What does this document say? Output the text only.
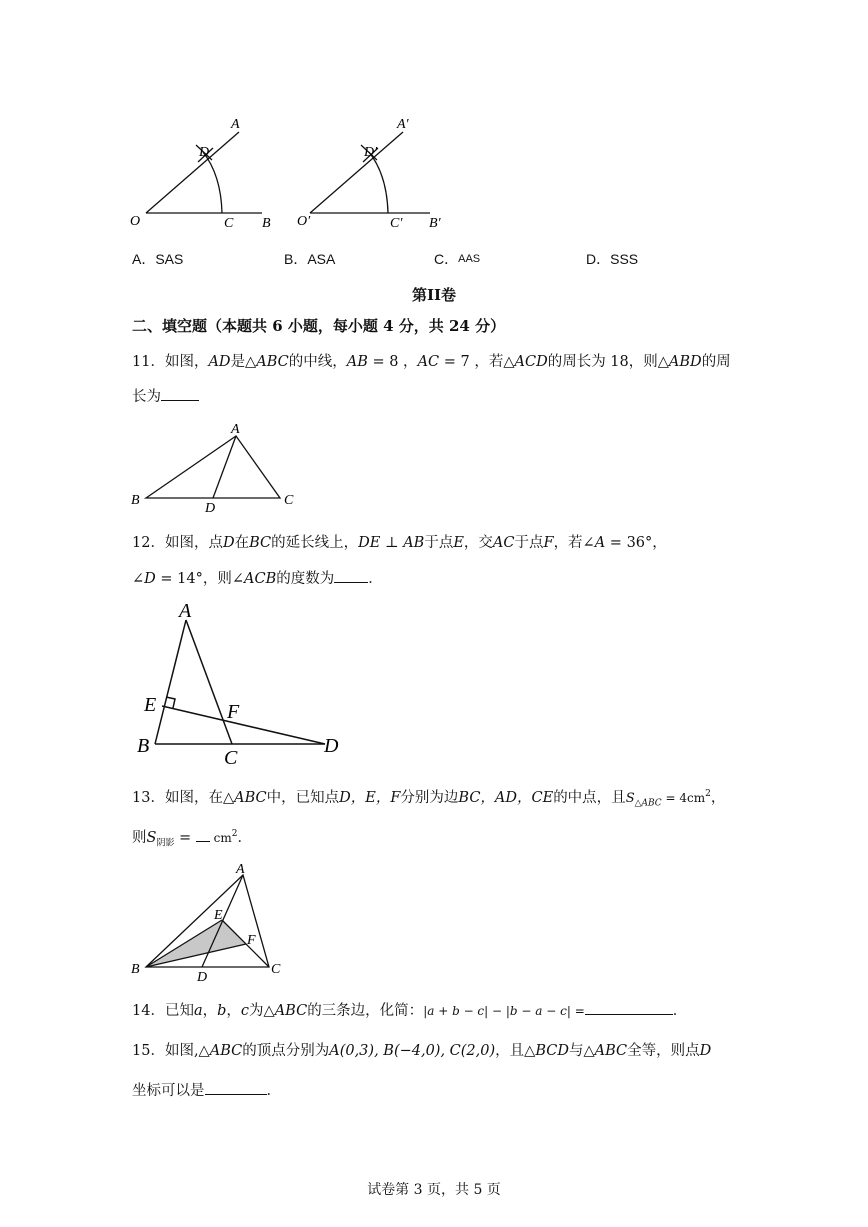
A
D
O	C B
A′
D′
O′	C′ B′
A．SAS	B．ASA	C．AAS	D．SSS
第II卷
二、填空题（本题共 6 小题，每小题 4 分，共 24 分）
11．如图，AD是△ABC的中线，AB = 8 ，AC = 7 ，若△ACD的周长为 18，则△ABD的周
长为
A
B	C
D
12．如图，点D在BC的延长线上，DE ⊥ AB于点E，交AC于点F，若∠A = 36°，
∠D = 14°，则∠ACB的度数为 ．
A
E	F
B
C
D
13．如图，在△ABC中，已知点D，E，F分别为边BC，AD，CE的中点，且$S_{\triangle ABC} = 4cm^2$，
则$S_{阴影} = cm^2$．
A
E
F
B
D
C
14．已知a，b，c为△ABC的三条边，化简：|a + b − c| − |b − a − c| =	．
15．如图,△ABC的顶点分别为A(0,3), B(−4,0), C(2,0)，且△BCD与△ABC全等，则点D
坐标可以是	．
试卷第 3 页，共 5 页
